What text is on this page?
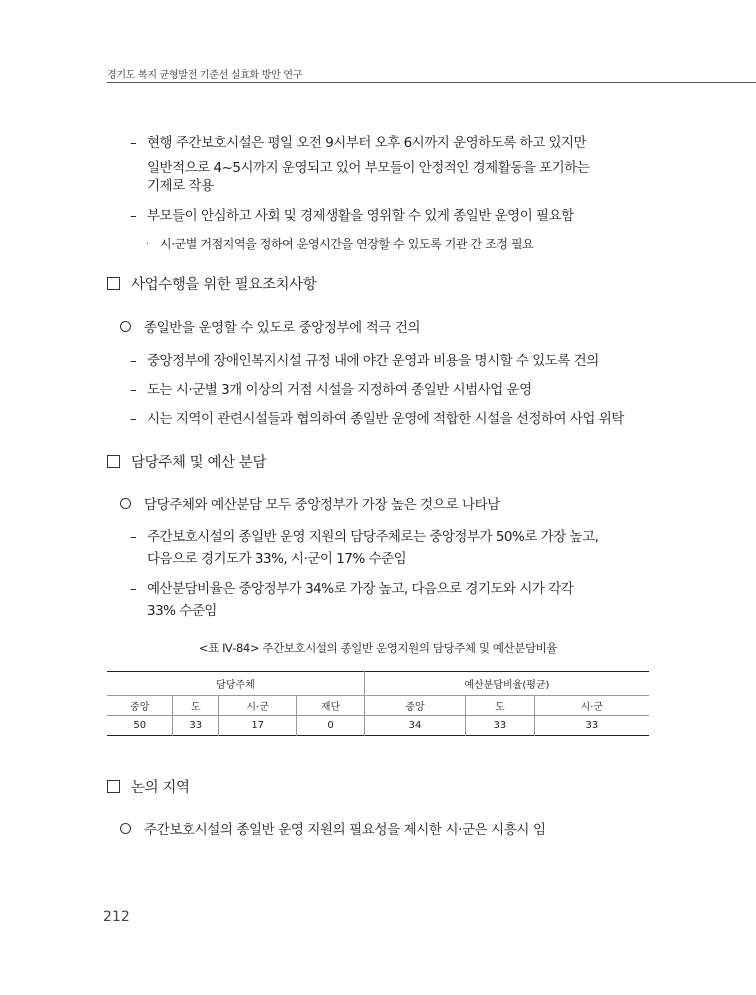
경기도 복지 균형발전 기준선 실효화 방안 연구
– 현행 주간보호시설은 평일 오전 9시부터 오후 6시까지 운영하도록 하고 있지만
일반적으로 4~5시까지 운영되고 있어 부모들이 안정적인 경제활동을 포기하는
기제로 작용
– 부모들이 안심하고 사회 및 경제생활을 영위할 수 있게 종일반 운영이 필요함
· 시·군별 거점지역을 정하여 운영시간을 연장할 수 있도록 기관 간 조정 필요
사업수행을 위한 필요조치사항
종일반을 운영할 수 있도로 중앙정부에 적극 건의
– 중앙정부에 장애인복지시설 규정 내에 야간 운영과 비용을 명시할 수 있도록 건의
– 도는 시·군별 3개 이상의 거점 시설을 지정하여 종일반 시범사업 운영
– 시는 지역이 관련시설들과 협의하여 종일반 운영에 적합한 시설을 선정하여 사업 위탁
담당주체 및 예산 분담
담당주체와 예산분담 모두 중앙정부가 가장 높은 것으로 나타남
– 주간보호시설의 종일반 운영 지원의 담당주체로는 중앙정부가 50%로 가장 높고,
다음으로 경기도가 33%, 시·군이 17% 수준임
– 예산분담비율은 중앙정부가 34%로 가장 높고, 다음으로 경기도와 시가 각각
33% 수준임
<표 Ⅳ-84> 주간보호시설의 종일반 운영지원의 담당주체 및 예산분담비율
담당주체				예산분담비율(평균)		
중앙	도	시·군	재단	중앙	도	시·군
50	33	17	0	34	33	33
논의 지역
주간보호시설의 종일반 운영 지원의 필요성을 제시한 시·군은 시흥시 임
212
